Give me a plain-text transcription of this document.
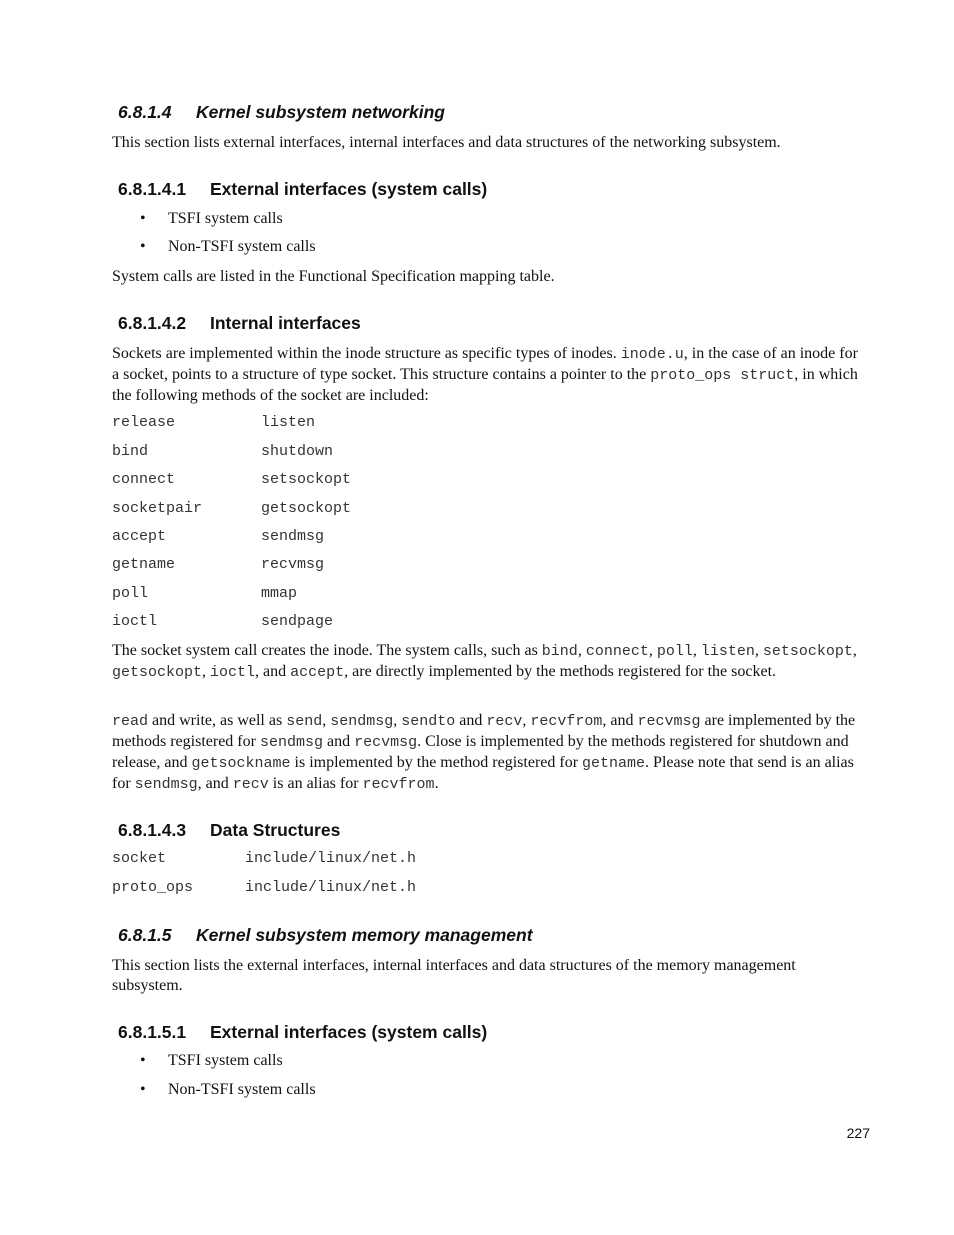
6.8.1.4 Kernel subsystem networking
This section lists external interfaces, internal interfaces and data structures of the networking subsystem.
6.8.1.4.1 External interfaces (system calls)
• TSFI system calls
• Non-TSFI system calls
System calls are listed in the Functional Specification mapping table.
6.8.1.4.2 Internal interfaces
Sockets are implemented within the inode structure as specific types of inodes. inode.u, in the case of an inode for a socket, points to a structure of type socket. This structure contains a pointer to the proto_ops struct, in which the following methods of the socket are included:
release	listen
bind	shutdown
connect	setsockopt
socketpair	getsockopt
accept	sendmsg
getname	recvmsg
poll	mmap
ioctl	sendpage
The socket system call creates the inode. The system calls, such as bind, connect, poll, listen, setsockopt, getsockopt, ioctl, and accept, are directly implemented by the methods registered for the socket.
read and write, as well as send, sendmsg, sendto and recv, recvfrom, and recvmsg are implemented by the methods registered for sendmsg and recvmsg. Close is implemented by the methods registered for shutdown and release, and getsockname is implemented by the method registered for getname. Please note that send is an alias for sendmsg, and recv is an alias for recvfrom.
6.8.1.4.3 Data Structures
socket	include/linux/net.h
proto_ops	include/linux/net.h
6.8.1.5 Kernel subsystem memory management
This section lists the external interfaces, internal interfaces and data structures of the memory management subsystem.
6.8.1.5.1 External interfaces (system calls)
• TSFI system calls
• Non-TSFI system calls
227
